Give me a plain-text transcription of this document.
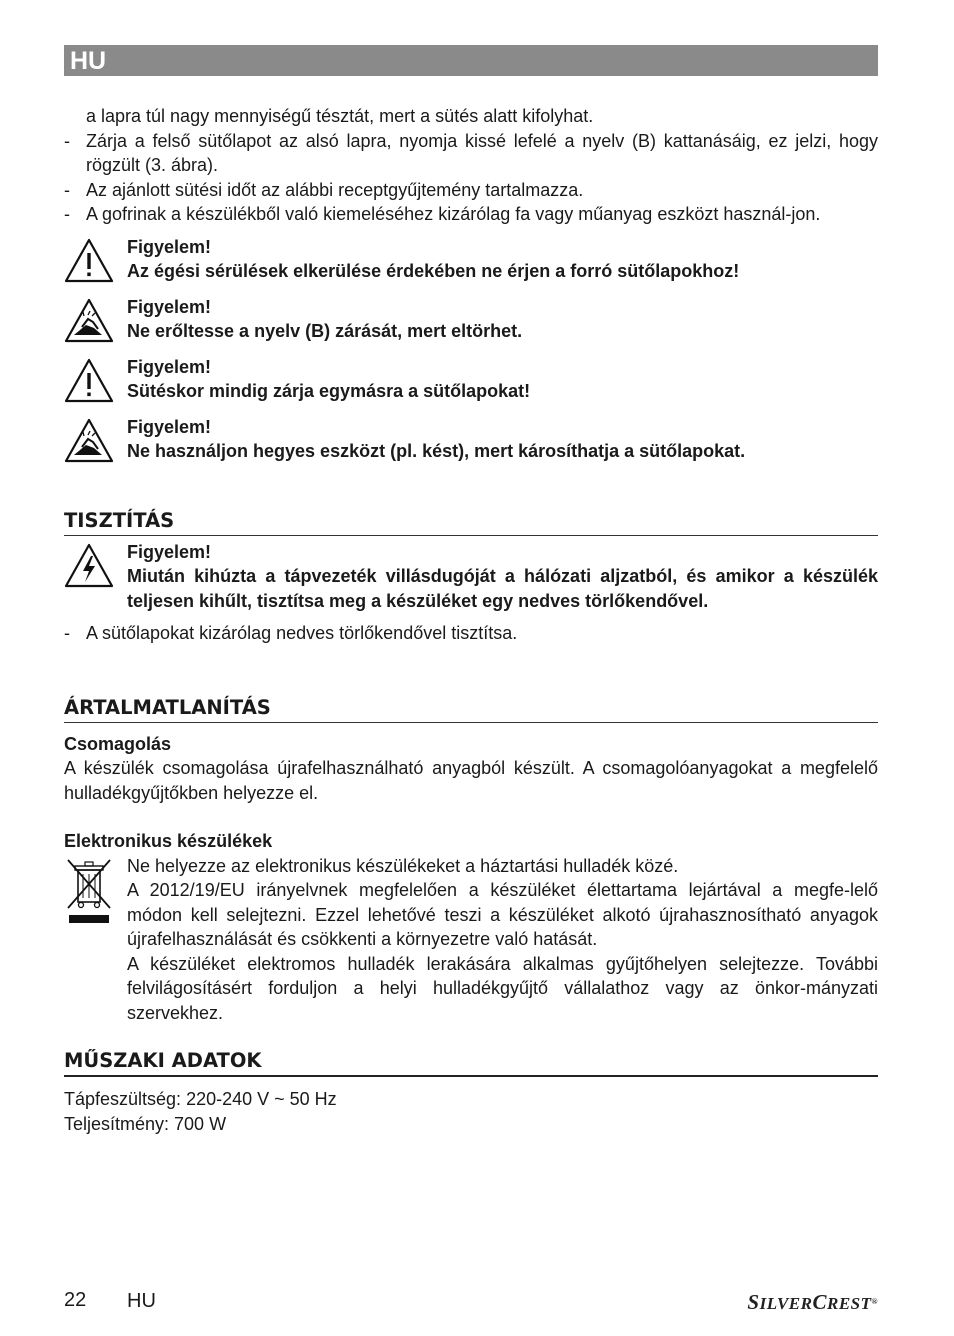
HU
a lapra túl nagy mennyiségű tésztát, mert a sütés alatt kifolyhat.
- Zárja a felső sütőlapot az alsó lapra, nyomja kissé lefelé a nyelv (B) kattanásáig, ez jelzi, hogy rögzült (3. ábra).
- Az ajánlott sütési időt az alábbi receptgyűjtemény tartalmazza.
- A gofrinak a készülékből való kiemeléséhez kizárólag fa vagy műanyag eszközt használ-jon.

Figyelem!

Az égési sérülések elkerülése érdekében ne érjen a forró sütőlapokhoz!

Figyelem!

Ne erőltesse a nyelv (B) zárását, mert eltörhet.

Figyelem!

Sütéskor mindig zárja egymásra a sütőlapokat!

Figyelem!

Ne használjon hegyes eszközt (pl. kést), mert károsíthatja a sütőlapokat.

TISZTÍTÁS

Figyelem!

Miután kihúzta a tápvezeték villásdugóját a hálózati aljzatból, és amikor a készülék teljesen kihűlt, tisztítsa meg a készüléket egy nedves törlőkendővel.

- A sütőlapokat kizárólag nedves törlőkendővel tisztítsa.
ÁRTALMATLANÍTÁS
Csomagolás
A készülék csomagolása újrafelhasználható anyagból készült. A csomagolóanyagokat a megfelelő hulladékgyűjtőkben helyezze el.
Elektronikus készülékek

Ne helyezze az elektronikus készülékeket a háztartási hulladék közé.

A 2012/19/EU irányelvnek megfelelően a készüléket élettartama lejártával a megfe-lelő módon kell selejtezni. Ezzel lehetővé teszi a készüléket alkotó újrahasznosítható anyagok újrafelhasználását és csökkenti a környezetre való hatását.

A készüléket elektromos hulladék lerakására alkalmas gyűjtőhelyen selejtezze. További felvilágosításért forduljon a helyi hulladékgyűjtő vállalathoz vagy az önkor-mányzati szervekhez.

MŰSZAKI ADATOK
Tápfeszültség: 220-240 V ~ 50 Hz
Teljesítmény: 700 W
22 HU	SILVERCREST®
